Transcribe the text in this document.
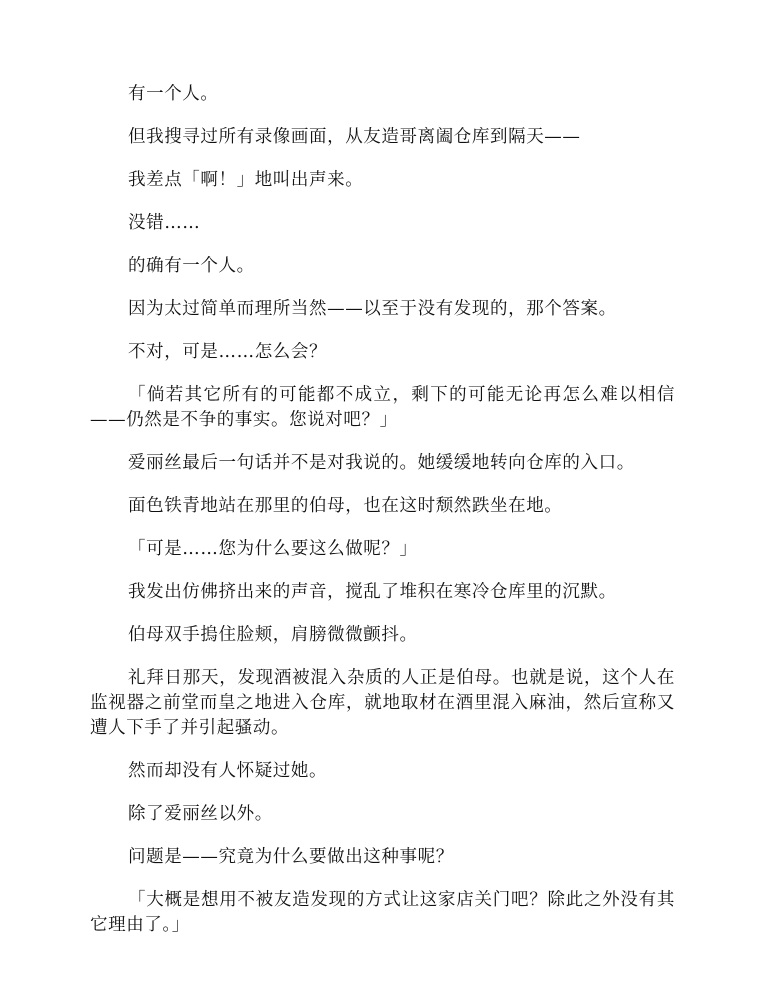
有一个人。

但我搜寻过所有录像画面，从友造哥离阖仓库到隔天——

我差点「啊！」地叫出声来。

没错……

的确有一个人。

因为太过简单而理所当然——以至于没有发现的，那个答案。

不对，可是……怎么会？

「倘若其它所有的可能都不成立，剩下的可能无论再怎么难以相信——仍然是不争的事实。您说对吧？」

爱丽丝最后一句话并不是对我说的。她缓缓地转向仓库的入口。

面色铁青地站在那里的伯母，也在这时颓然跌坐在地。

「可是……您为什么要这么做呢？」

我发出仿佛挤出来的声音，搅乱了堆积在寒冷仓库里的沉默。

伯母双手摀住脸颊，肩膀微微颤抖。

礼拜日那天，发现酒被混入杂质的人正是伯母。也就是说，这个人在监视器之前堂而皇之地进入仓库，就地取材在酒里混入麻油，然后宣称又遭人下手了并引起骚动。

然而却没有人怀疑过她。

除了爱丽丝以外。

问题是——究竟为什么要做出这种事呢？

「大概是想用不被友造发现的方式让这家店关门吧？除此之外没有其它理由了。」
